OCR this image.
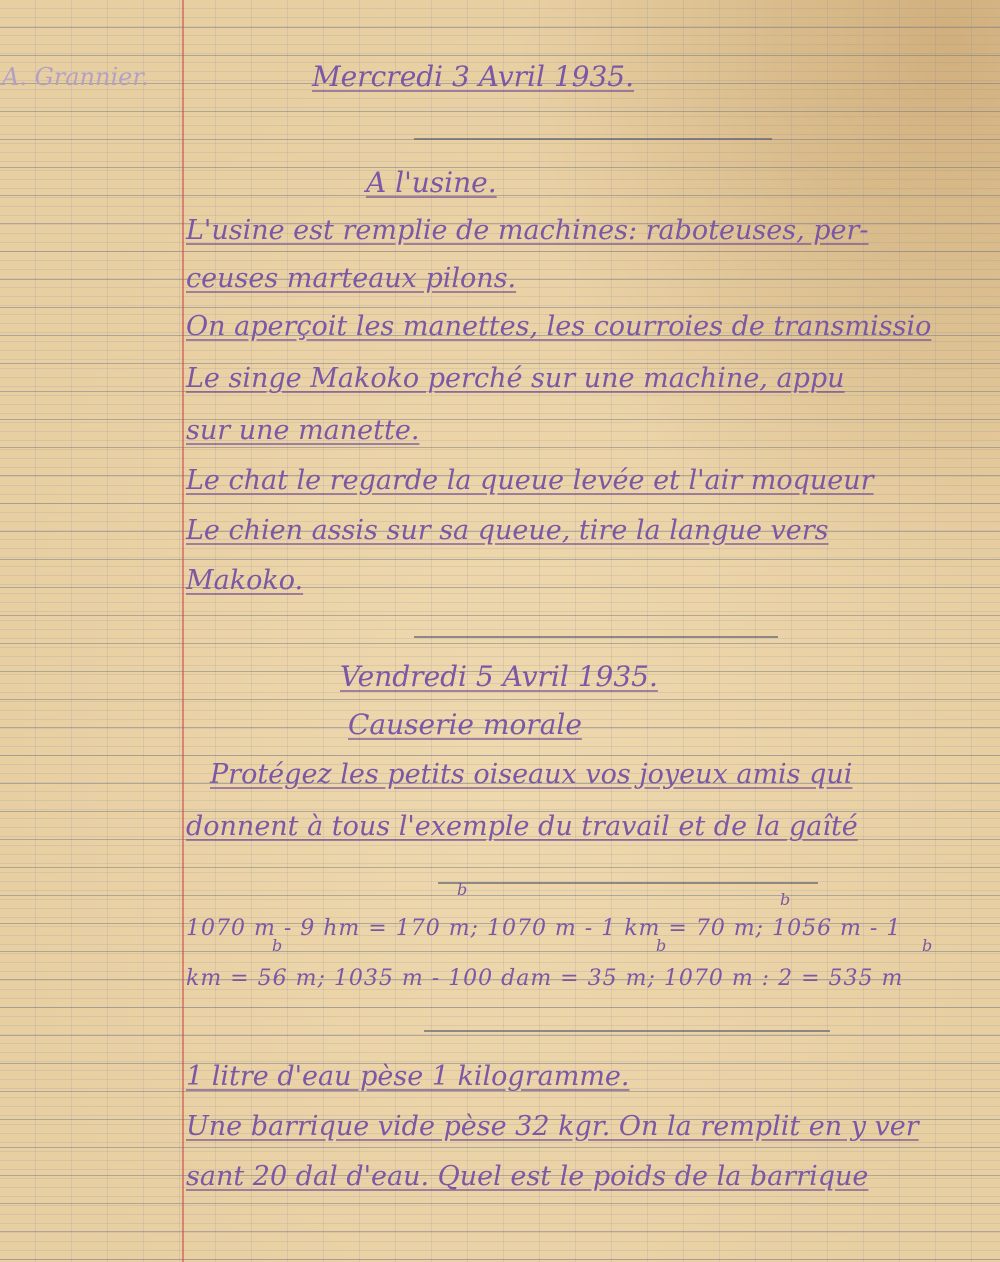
A. Grannier.	Mercredi 3 Avril 1935.

A l'usine.

L'usine est remplie de machines: raboteuses, per-

ceuses marteaux pilons.

On aperçoit les manettes, les courroies de transmissio

Le singe Makoko perché sur une machine, appu

sur une manette.

Le chat le regarde la queue levée et l'air moqueur

Le chien assis sur sa queue, tire la langue vers

Makoko.

Vendredi 5 Avril 1935.

Causerie morale

Protégez les petits oiseaux vos joyeux amis qui

donnent à tous l'exemple du travail et de la gaîté

b
b
b	b	b

1070 m - 9 hm = 170 m; 1070 m - 1 km = 70 m; 1056 m - 1

km = 56 m; 1035 m - 100 dam = 35 m; 1070 m : 2 = 535 m

1 litre d'eau pèse 1 kilogramme.

Une barrique vide pèse 32 kgr. On la remplit en y ver

sant 20 dal d'eau. Quel est le poids de la barrique
